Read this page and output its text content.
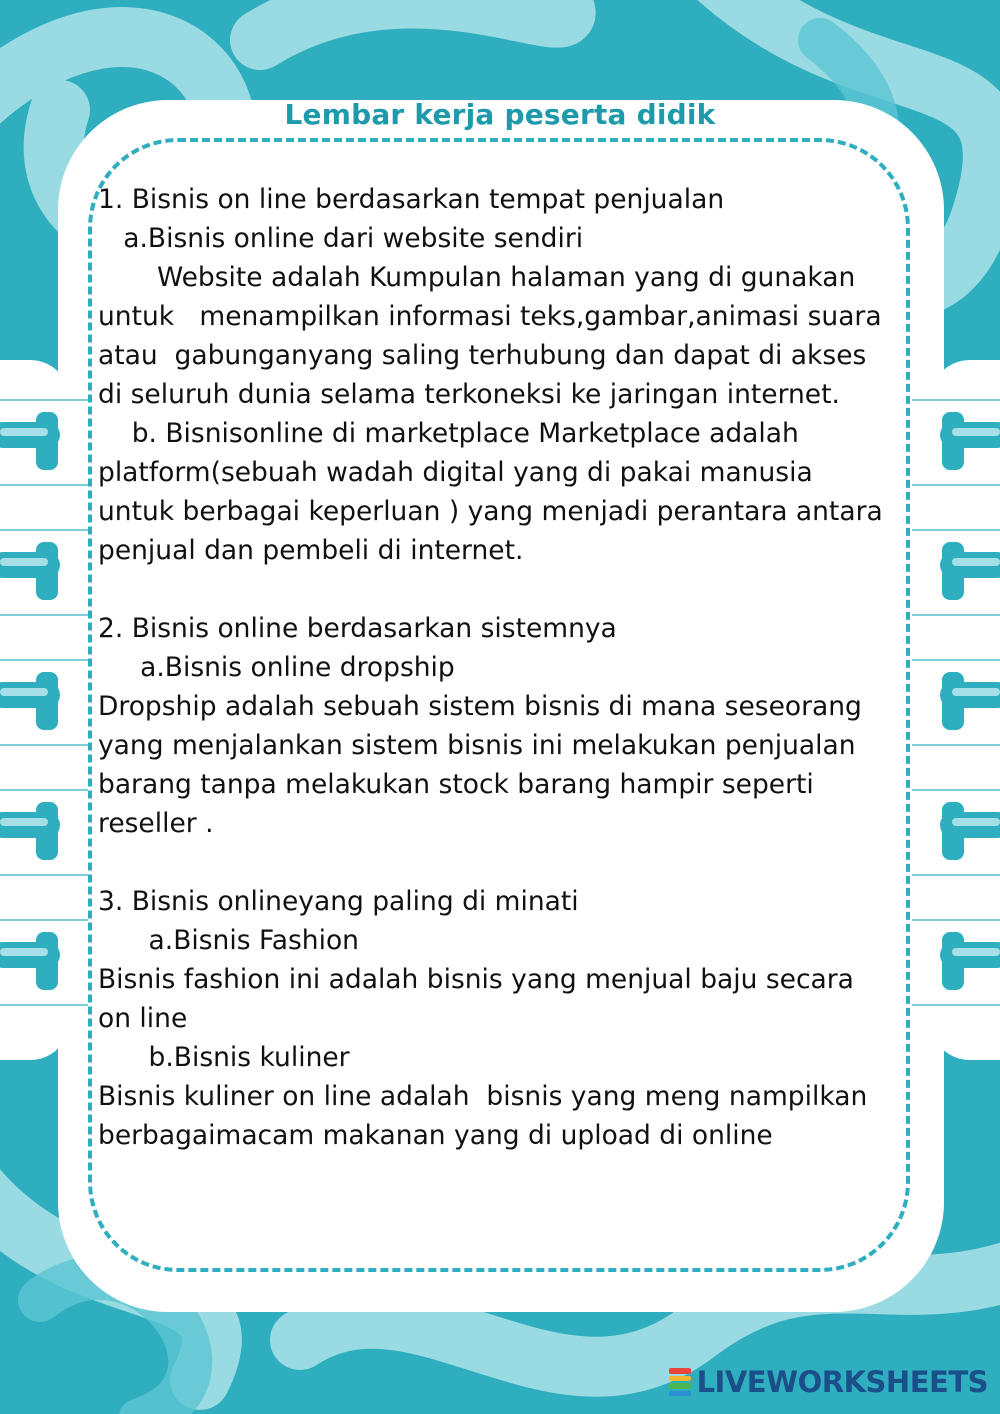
Lembar kerja peserta didik
1. Bisnis on line berdasarkan tempat penjualan
a.Bisnis online dari website sendiri
Website adalah Kumpulan halaman yang di gunakan
untuk   menampilkan informasi teks,gambar,animasi suara
atau  gabunganyang saling terhubung dan dapat di akses
di seluruh dunia selama terkoneksi ke jaringan internet.
b. Bisnisonline di marketplace Marketplace adalah
platform(sebuah wadah digital yang di pakai manusia
untuk berbagai keperluan ) yang menjadi perantara antara
penjual dan pembeli di internet.
2. Bisnis online berdasarkan sistemnya
a.Bisnis online dropship
Dropship adalah sebuah sistem bisnis di mana seseorang
yang menjalankan sistem bisnis ini melakukan penjualan
barang tanpa melakukan stock barang hampir seperti
reseller .
3. Bisnis onlineyang paling di minati
a.Bisnis Fashion
Bisnis fashion ini adalah bisnis yang menjual baju secara
on line
b.Bisnis kuliner
Bisnis kuliner on line adalah  bisnis yang meng nampilkan
berbagaimacam makanan yang di upload di online
LIVEWORKSHEETS
